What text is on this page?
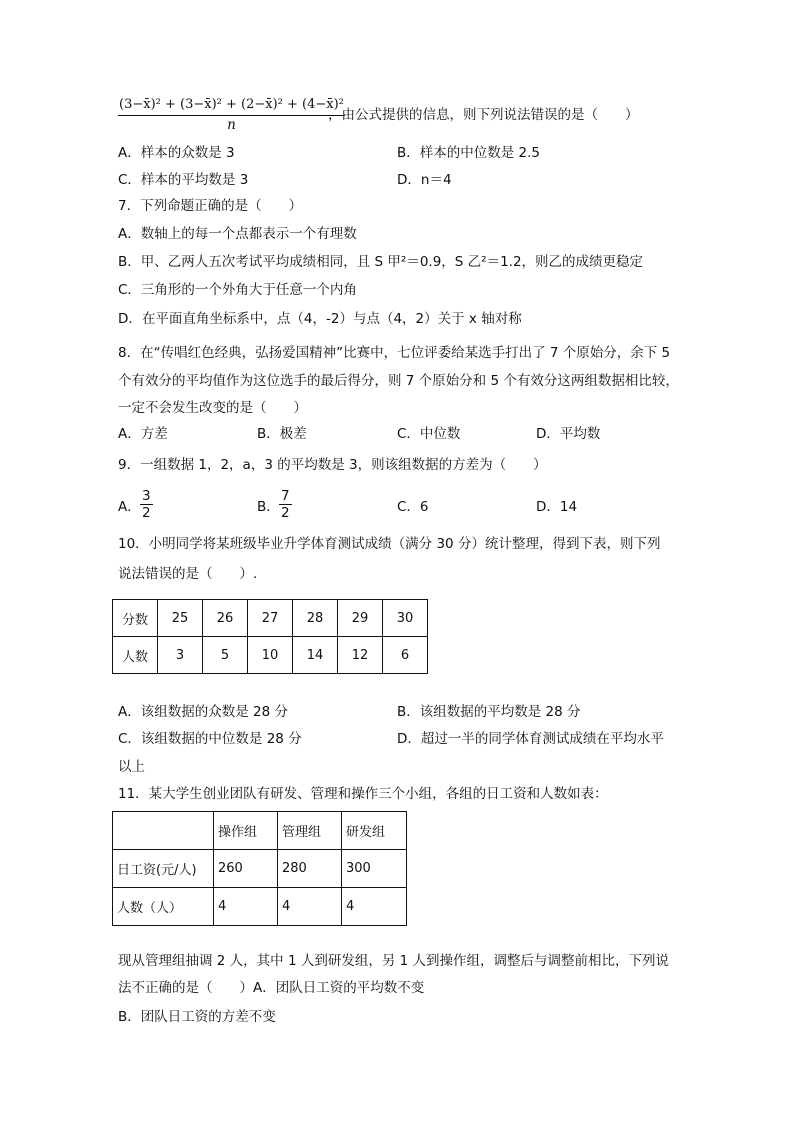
$\frac{\text{(3−x̄)² + (3−x̄)² + (2−x̄)² + (4−x̄)²}}{n}$
，由公式提供的信息，则下列说法错误的是（　　）
A．样本的众数是 3	B．样本的中位数是 2.5
C．样本的平均数是 3	D．n＝4
7．下列命题正确的是（　　）
A．数轴上的每一个点都表示一个有理数
B．甲、乙两人五次考试平均成绩相同，且 S 甲²＝0.9，S 乙²＝1.2，则乙的成绩更稳定
C．三角形的一个外角大于任意一个内角
D．在平面直角坐标系中，点（4，-2）与点（4，2）关于 x 轴对称
8．在“传唱红色经典，弘扬爱国精神”比赛中，七位评委给某选手打出了 7 个原始分，余下 5
个有效分的平均值作为这位选手的最后得分，则 7 个原始分和 5 个有效分这两组数据相比较，
一定不会发生改变的是（　　）
A．方差	B．极差	C．中位数	D．平均数
9．一组数据 1，2，a，3 的平均数是 3，则该组数据的方差为（　　）
A． $\frac{3}{2}$	B． $\frac{7}{2}$	C．6	D．14
10．小明同学将某班级毕业升学体育测试成绩（满分 30 分）统计整理，得到下表，则下列
说法错误的是（　　）.
分数	25	26	27	28	29	30
人数	3	5	10	14	12	6
A．该组数据的众数是 28 分	B．该组数据的平均数是 28 分
C．该组数据的中位数是 28 分	D．超过一半的同学体育测试成绩在平均水平
以上
11．某大学生创业团队有研发、管理和操作三个小组，各组的日工资和人数如表：
	操作组	管理组	研发组
日工资(元/人)	260	280	300
人数（人）	4	4	4
现从管理组抽调 2 人，其中 1 人到研发组，另 1 人到操作组，调整后与调整前相比，下列说
法不正确的是（　　）A．团队日工资的平均数不变
B．团队日工资的方差不变
